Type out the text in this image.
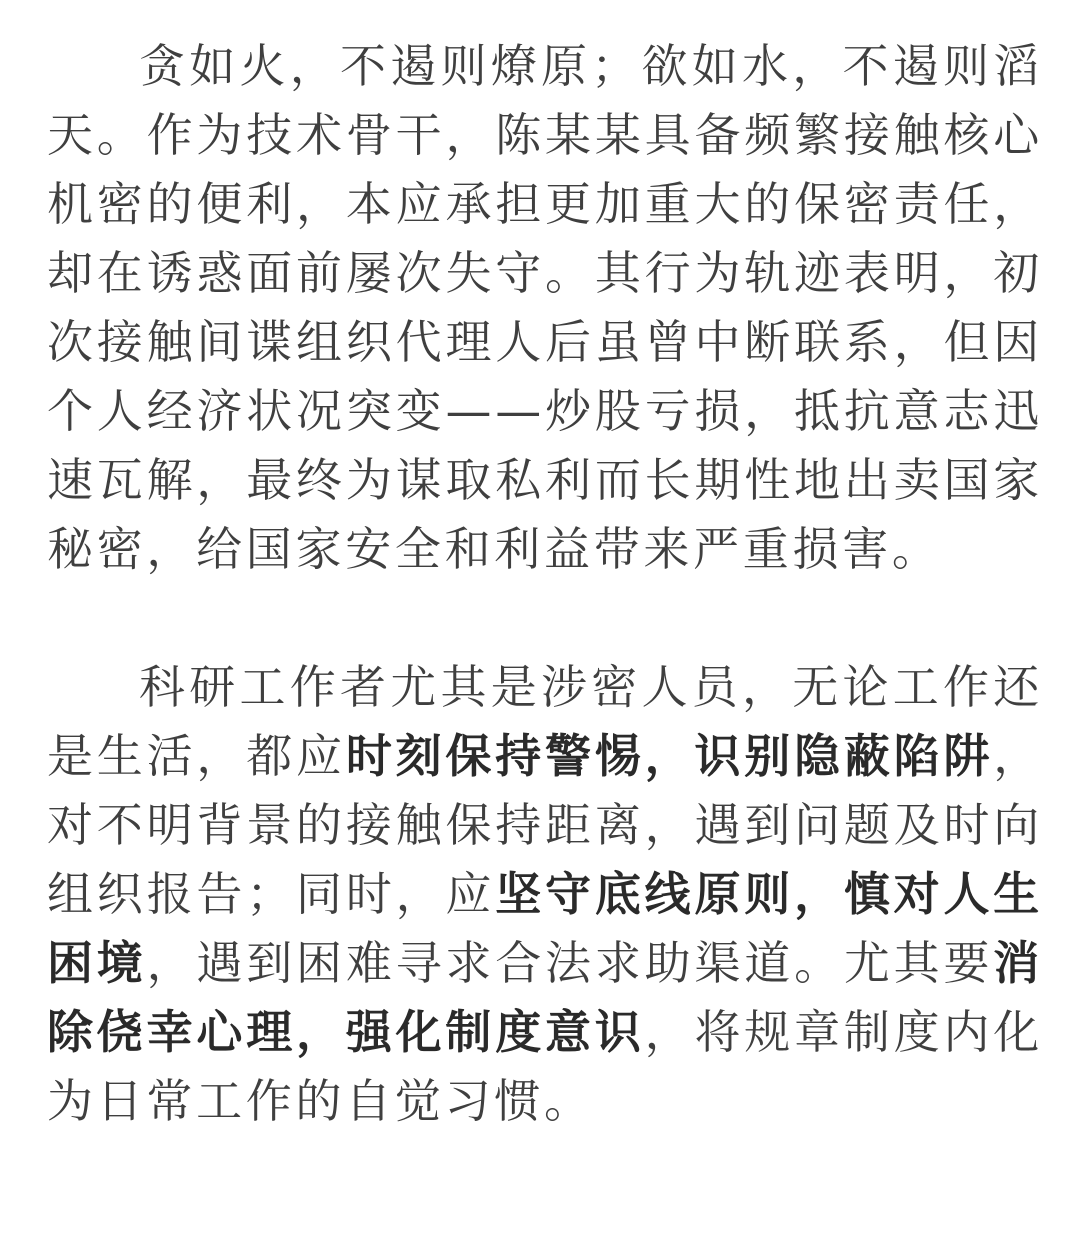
贪如火，不遏则燎原；欲如水，不遏则滔天。作为技术骨干，陈某某具备频繁接触核心机密的便利，本应承担更加重大的保密责任，却在诱惑面前屡次失守。其行为轨迹表明，初次接触间谍组织代理人后虽曾中断联系，但因个人经济状况突变——炒股亏损，抵抗意志迅速瓦解，最终为谋取私利而长期性地出卖国家秘密，给国家安全和利益带来严重损害。

科研工作者尤其是涉密人员，无论工作还是生活，都应时刻保持警惕，识别隐蔽陷阱，对不明背景的接触保持距离，遇到问题及时向组织报告；同时，应坚守底线原则，慎对人生困境，遇到困难寻求合法求助渠道。尤其要消除侥幸心理，强化制度意识，将规章制度内化为日常工作的自觉习惯。
